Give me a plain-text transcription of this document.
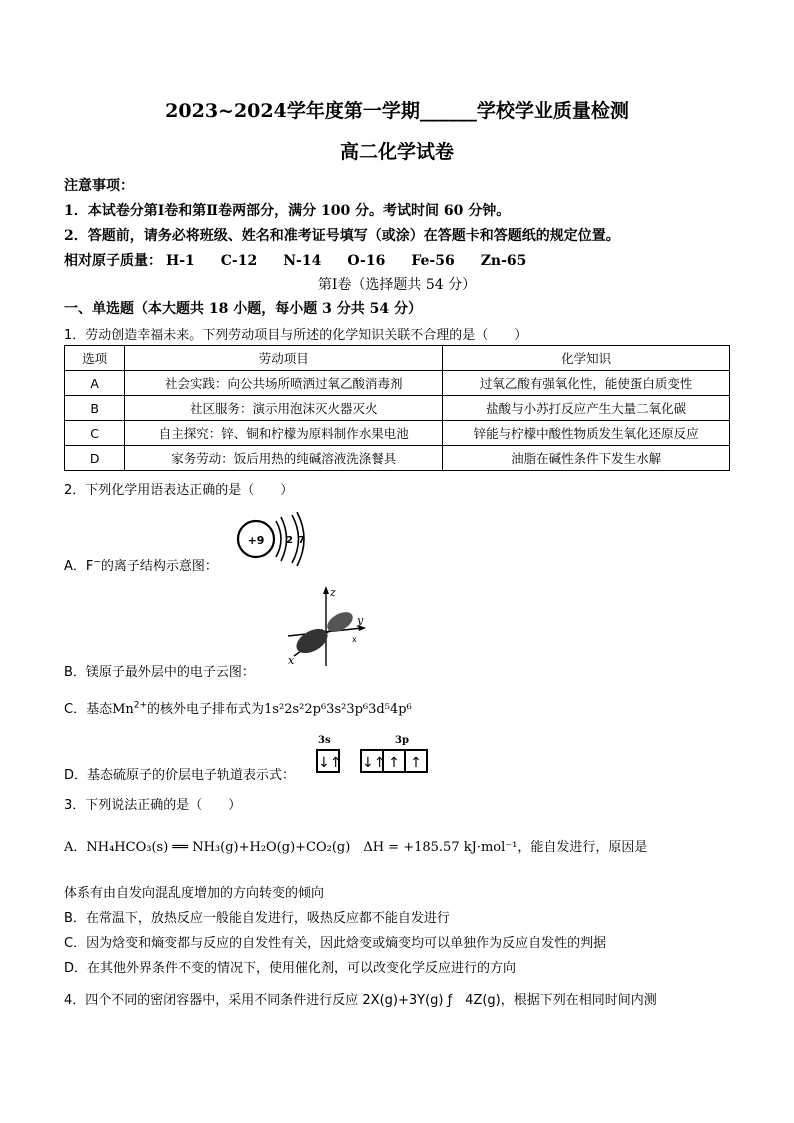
2023~2024学年度第一学期______学校学业质量检测
高二化学试卷
注意事项：
1．本试卷分第Ⅰ卷和第Ⅱ卷两部分，满分 100 分。考试时间 60 分钟。
2．答题前，请务必将班级、姓名和准考证号填写（或涂）在答题卡和答题纸的规定位置。
相对原子质量： H-1 C-12 N-14 O-16 Fe-56 Zn-65
第Ⅰ卷（选择题共 54 分）
一、单选题（本大题共 18 小题，每小题 3 分共 54 分）
1．劳动创造幸福未来。下列劳动项目与所述的化学知识关联不合理的是（　　）
选项	劳动项目	化学知识
A	社会实践：向公共场所喷洒过氧乙酸消毒剂	过氧乙酸有强氧化性，能使蛋白质变性
B	社区服务：演示用泡沫灭火器灭火	盐酸与小苏打反应产生大量二氧化碳
C	自主探究：锌、铜和柠檬为原料制作水果电池	锌能与柠檬中酸性物质发生氧化还原反应
D	家务劳动：饭后用热的纯碱溶液洗涤餐具	油脂在碱性条件下发生水解
2．下列化学用语表达正确的是（　　）
A．F−的离子结构示意图：
+9 2 7
z
y
x
x
B．镁原子最外层中的电子云图：
C．基态$Mn^{2+}$的核外电子排布式为1s²2s²2p⁶3s²3p⁶3d⁵4p⁶
D．基态硫原子的价层电子轨道表示式：
3s	3p
↓↑ ↓↑ ↑ ↑
3．下列说法正确的是（　　）
A．NH₄HCO₃(s) ══ NH₃(g)+H₂O(g)+CO₂(g)　ΔH = +185.57 kJ·mol⁻¹，能自发进行，原因是
体系有由自发向混乱度增加的方向转变的倾向
B．在常温下，放热反应一般能自发进行，吸热反应都不能自发进行
C．因为焓变和熵变都与反应的自发性有关，因此焓变或熵变均可以单独作为反应自发性的判据
D．在其他外界条件不变的情况下，使用催化剂，可以改变化学反应进行的方向
4．四个不同的密闭容器中，采用不同条件进行反应 2X(g)+3Y(g) ƒ　4Z(g)，根据下列在相同时间内测
